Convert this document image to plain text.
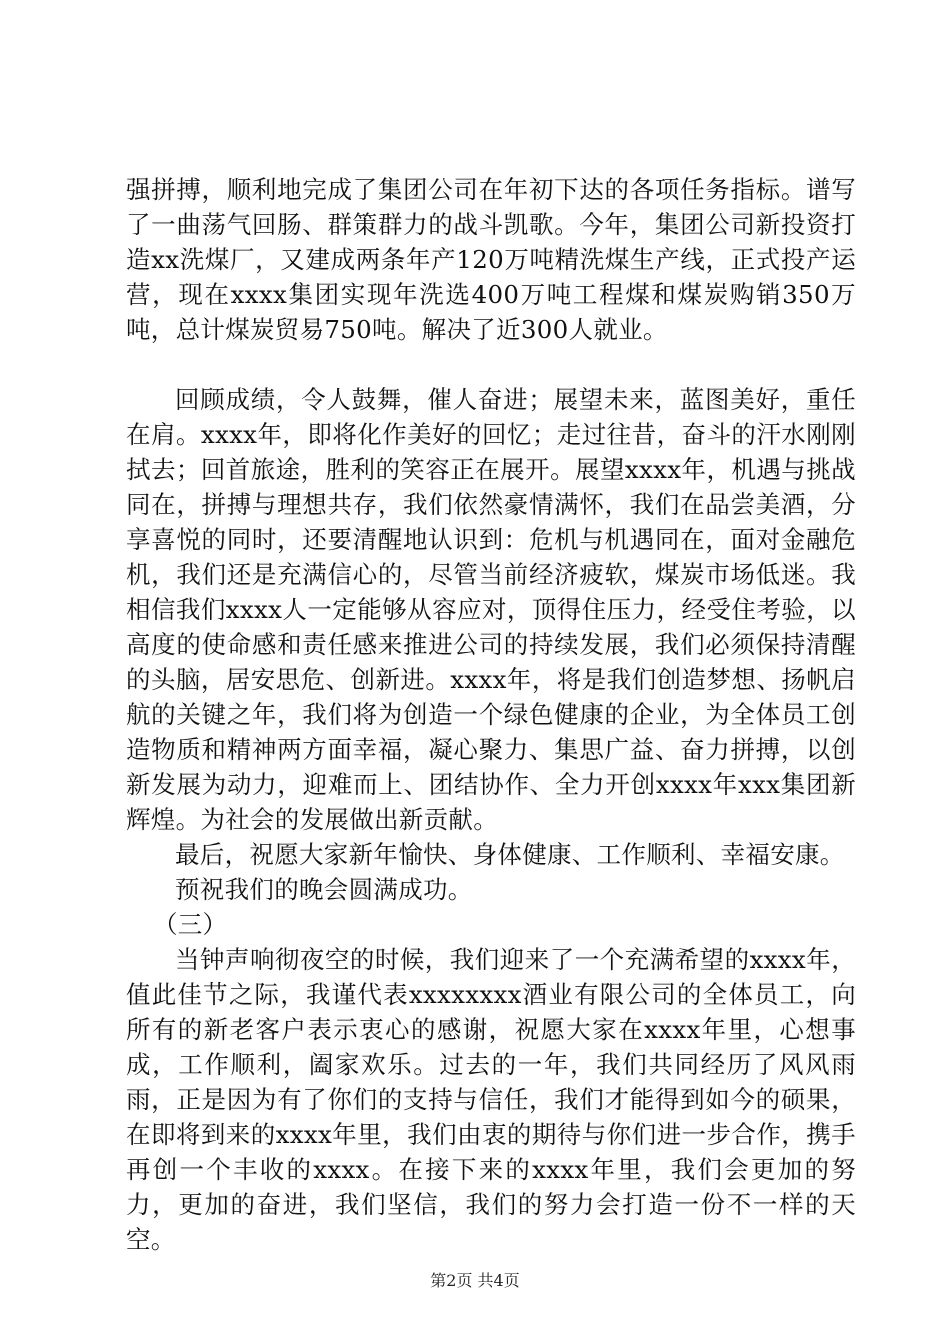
强拼搏，顺利地完成了集团公司在年初下达的各项任务指标。谱写了一曲荡气回肠、群策群力的战斗凯歌。今年，集团公司新投资打造xx洗煤厂，又建成两条年产120万吨精洗煤生产线，正式投产运营，现在xxxx集团实现年洗选400万吨工程煤和煤炭购销350万吨，总计煤炭贸易750吨。解决了近300人就业。

回顾成绩，令人鼓舞，催人奋进；展望未来，蓝图美好，重任在肩。xxxx年，即将化作美好的回忆；走过往昔，奋斗的汗水刚刚拭去；回首旅途，胜利的笑容正在展开。展望xxxx年，机遇与挑战同在，拼搏与理想共存，我们依然豪情满怀，我们在品尝美酒，分享喜悦的同时，还要清醒地认识到：危机与机遇同在，面对金融危机，我们还是充满信心的，尽管当前经济疲软，煤炭市场低迷。我相信我们xxxx人一定能够从容应对，顶得住压力，经受住考验，以高度的使命感和责任感来推进公司的持续发展，我们必须保持清醒的头脑，居安思危、创新进。xxxx年，将是我们创造梦想、扬帆启航的关键之年，我们将为创造一个绿色健康的企业，为全体员工创造物质和精神两方面幸福，凝心聚力、集思广益、奋力拼搏，以创新发展为动力，迎难而上、团结协作、全力开创xxxx年xxx集团新辉煌。为社会的发展做出新贡献。

最后，祝愿大家新年愉快、身体健康、工作顺利、幸福安康。

预祝我们的晚会圆满成功。

（三）

当钟声响彻夜空的时候，我们迎来了一个充满希望的xxxx年，值此佳节之际，我谨代表xxxxxxxx酒业有限公司的全体员工，向所有的新老客户表示衷心的感谢，祝愿大家在xxxx年里，心想事成，工作顺利，阖家欢乐。过去的一年，我们共同经历了风风雨雨，正是因为有了你们的支持与信任，我们才能得到如今的硕果，在即将到来的xxxx年里，我们由衷的期待与你们进一步合作，携手再创一个丰收的xxxx。在接下来的xxxx年里，我们会更加的努力，更加的奋进，我们坚信，我们的努力会打造一份不一样的天空。

第2页 共4页
